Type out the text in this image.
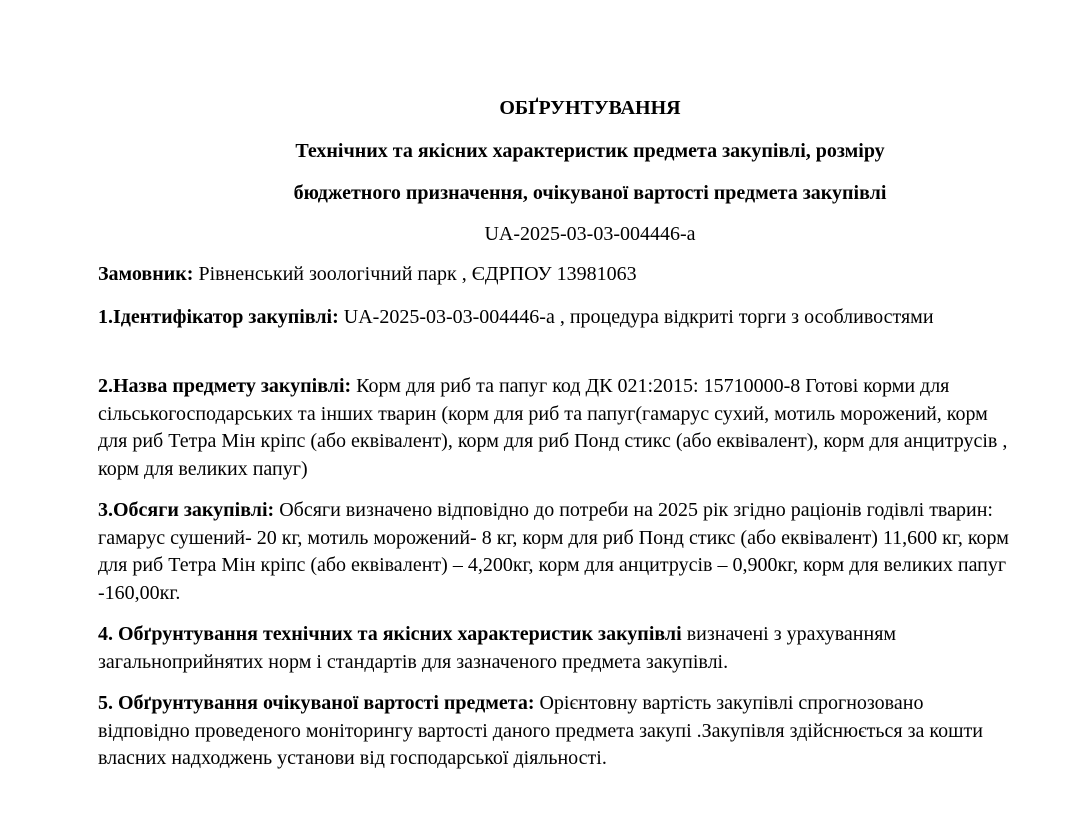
ОБҐРУНТУВАННЯ
Технічних та якісних характеристик предмета закупівлі, розміру
бюджетного призначення, очікуваної вартості предмета закупівлі
UA-2025-03-03-004446-a
Замовник: Рівненський зоологічний парк , ЄДРПОУ 13981063
1.Ідентифікатор закупівлі: UA-2025-03-03-004446-a , процедура відкриті торги з особливостями
2.Назва предмету закупівлі: Корм для риб та папуг код ДК 021:2015: 15710000-8 Готові корми для сільськогосподарських та інших тварин (корм для риб та папуг(гамарус сухий, мотиль морожений, корм для риб Тетра Мін кріпс (або еквівалент), корм для риб Понд стикс (або еквівалент), корм для анцитрусів , корм для великих папуг)
3.Обсяги закупівлі: Обсяги визначено відповідно до потреби на 2025 рік згідно раціонів годівлі тварин: гамарус сушений- 20 кг, мотиль морожений- 8 кг, корм для риб Понд стикс (або еквівалент) 11,600 кг, корм для риб Тетра Мін кріпс (або еквівалент) – 4,200кг, корм для анцитрусів – 0,900кг, корм для великих папуг -160,00кг.
4. Обґрунтування технічних та якісних характеристик закупівлі визначені з урахуванням загальноприйнятих норм і стандартів для зазначеного предмета закупівлі.
5. Обґрунтування очікуваної вартості предмета: Орієнтовну вартість закупівлі спрогнозовано відповідно проведеного моніторингу вартості даного предмета закупі .Закупівля здійснюється за кошти власних надходжень установи від господарської діяльності.
